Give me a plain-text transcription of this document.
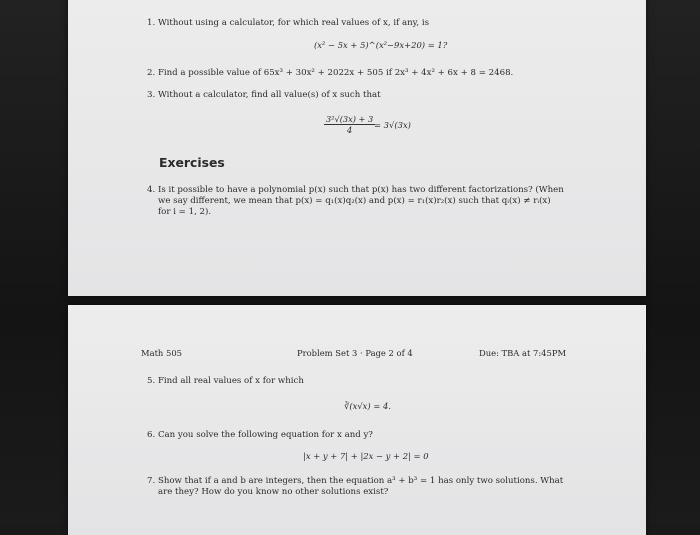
1. Without using a calculator, for which real values of x, if any, is
(x² − 5x + 5)^(x²−9x+20) = 1?
2. Find a possible value of 65x³ + 30x² + 2022x + 505 if 2x³ + 4x² + 6x + 8 = 2468.
3. Without a calculator, find all value(s) of x such that
$\frac{\text{3²√(3x) + 3}}{4}$
= 3√(3x)
Exercises
4. Is it possible to have a polynomial p(x) such that p(x) has two different factorizations? (When
we say different, we mean that p(x) = q₁(x)q₂(x) and p(x) = r₁(x)r₂(x) such that qᵢ(x) ≠ rᵢ(x)
for i = 1, 2).
Math 505	Problem Set 3 · Page 2 of 4	Due: TBA at 7:45PM
5. Find all real values of x for which
∛(x√x) = 4.
6. Can you solve the following equation for x and y?
|x + y + 7| + |2x − y + 2| = 0
7. Show that if a and b are integers, then the equation a³ + b³ = 1 has only two solutions. What
are they? How do you know no other solutions exist?
